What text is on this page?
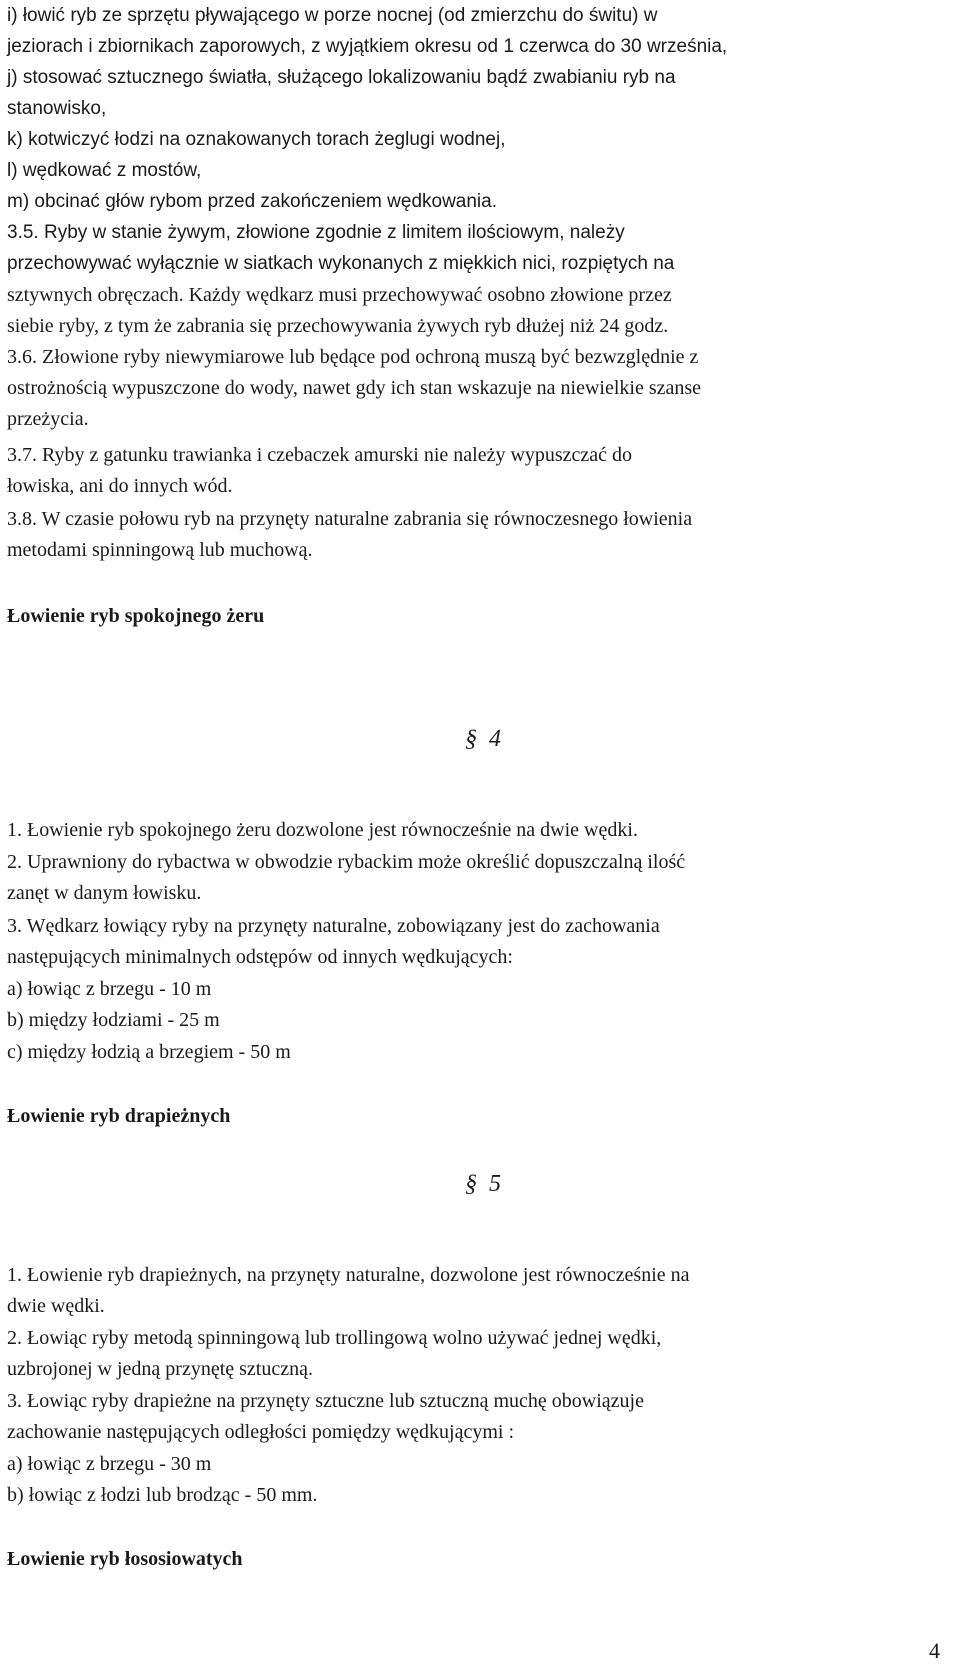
i) łowić ryb ze sprzętu pływającego w porze nocnej (od zmierzchu do świtu) w

jeziorach i zbiornikach zaporowych, z wyjątkiem okresu od 1 czerwca do 30 września,

j) stosować sztucznego światła, służącego lokalizowaniu bądź zwabianiu ryb na

stanowisko,

k) kotwiczyć łodzi na oznakowanych torach żeglugi wodnej,

l) wędkować z mostów,

m) obcinać głów rybom przed zakończeniem wędkowania.

3.5. Ryby w stanie żywym, złowione zgodnie z limitem ilościowym, należy

przechowywać wyłącznie w siatkach wykonanych z miękkich nici, rozpiętych na

sztywnych obręczach. Każdy wędkarz musi przechowywać osobno złowione przez

siebie ryby, z tym że zabrania się przechowywania żywych ryb dłużej niż 24 godz.

3.6. Złowione ryby niewymiarowe lub będące pod ochroną muszą być bezwzględnie z

ostrożnością wypuszczone do wody, nawet gdy ich stan wskazuje na niewielkie szanse

przeżycia.

3.7. Ryby z gatunku trawianka i czebaczek amurski nie należy wypuszczać do

łowiska, ani do innych wód.

3.8. W czasie połowu ryb na przynęty naturalne zabrania się równoczesnego łowienia

metodami spinningową lub muchową.

Łowienie ryb spokojnego żeru

§ 4

1. Łowienie ryb spokojnego żeru dozwolone jest równocześnie na dwie wędki.

2. Uprawniony do rybactwa w obwodzie rybackim może określić dopuszczalną ilość

zanęt w danym łowisku.

3. Wędkarz łowiący ryby na przynęty naturalne, zobowiązany jest do zachowania

następujących minimalnych odstępów od innych wędkujących:

a) łowiąc z brzegu - 10 m

b) między łodziami - 25 m

c) między łodzią a brzegiem - 50 m

Łowienie ryb drapieżnych

§ 5

1. Łowienie ryb drapieżnych, na przynęty naturalne, dozwolone jest równocześnie na

dwie wędki.

2. Łowiąc ryby metodą spinningową lub trollingową wolno używać jednej wędki,

uzbrojonej w jedną przynętę sztuczną.

3. Łowiąc ryby drapieżne na przynęty sztuczne lub sztuczną muchę obowiązuje

zachowanie następujących odległości pomiędzy wędkującymi :

a) łowiąc z brzegu - 30 m

b) łowiąc z łodzi lub brodząc - 50 mm.

Łowienie ryb łososiowatych

4
